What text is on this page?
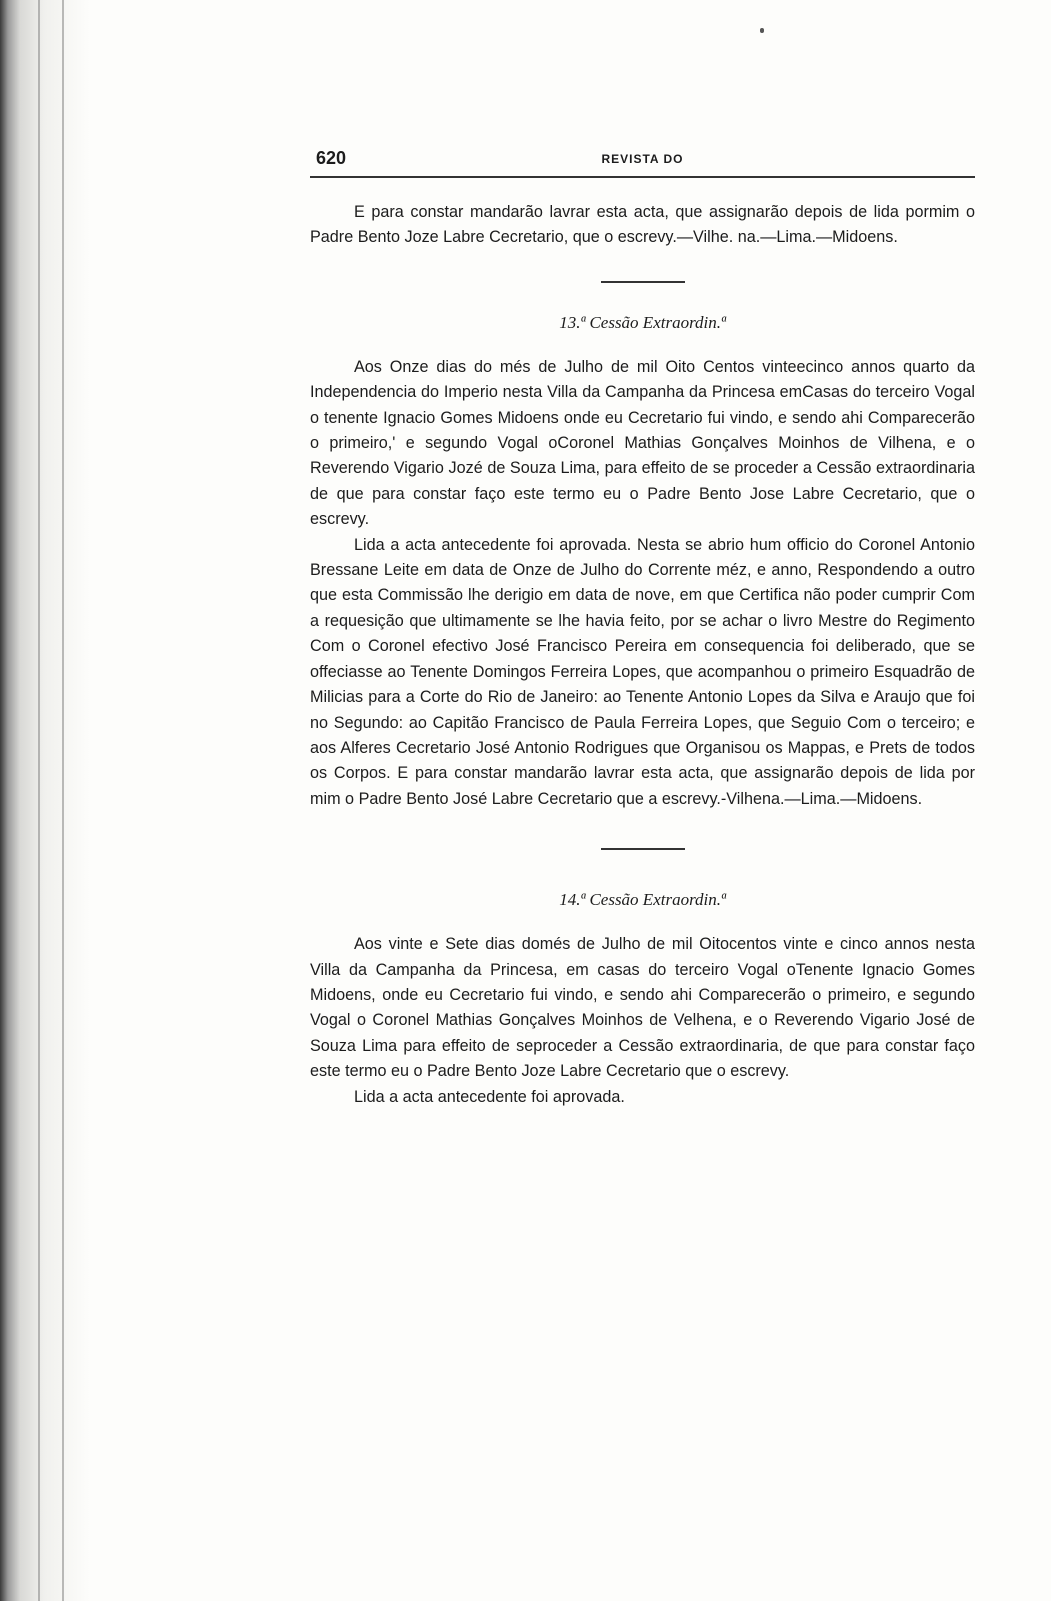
620	REVISTA DO

E para constar mandarão lavrar esta acta, que assignarão depois de lida pormim o Padre Bento Joze Labre Cecretario, que o escrevy.—Vilhe. na.—Lima.—Midoens.

13.ª Cessão Extraordin.ª

Aos Onze dias do més de Julho de mil Oito Centos vinteecinco annos quarto da Independencia do Imperio nesta Villa da Campanha da Princesa emCasas do terceiro Vogal o tenente Ignacio Gomes Midoens onde eu Cecretario fui vindo, e sendo ahi Comparecerão o primeiro,' e segundo Vogal oCoronel Mathias Gonçalves Moinhos de Vilhena, e o Reverendo Vigario Jozé de Souza Lima, para effeito de se proceder a Cessão extraordinaria de que para constar faço este termo eu o Padre Bento Jose Labre Cecretario, que o escrevy.

Lida a acta antecedente foi aprovada. Nesta se abrio hum officio do Coronel Antonio Bressane Leite em data de Onze de Julho do Corrente méz, e anno, Respondendo a outro que esta Commissão lhe derigio em data de nove, em que Certifica não poder cumprir Com a requesição que ultimamente se lhe havia feito, por se achar o livro Mestre do Regimento Com o Coronel efectivo José Francisco Pereira em consequencia foi deliberado, que se offeciasse ao Tenente Domingos Ferreira Lopes, que acompanhou o primeiro Esquadrão de Milicias para a Corte do Rio de Janeiro: ao Tenente Antonio Lopes da Silva e Araujo que foi no Segundo: ao Capitão Francisco de Paula Ferreira Lopes, que Seguio Com o terceiro; e aos Alferes Cecretario José Antonio Rodrigues que Organisou os Mappas, e Prets de todos os Corpos. E para constar mandarão lavrar esta acta, que assignarão depois de lida por mim o Padre Bento José Labre Cecretario que a escrevy.-Vilhena.—Lima.—Midoens.

14.ª Cessão Extraordin.ª

Aos vinte e Sete dias domés de Julho de mil Oitocentos vinte e cinco annos nesta Villa da Campanha da Princesa, em casas do terceiro Vogal oTenente Ignacio Gomes Midoens, onde eu Cecretario fui vindo, e sendo ahi Comparecerão o primeiro, e segundo Vogal o Coronel Mathias Gonçalves Moinhos de Velhena, e o Reverendo Vigario José de Souza Lima para effeito de seproceder a Cessão extraordinaria, de que para constar faço este termo eu o Padre Bento Joze Labre Cecretario que o escrevy.

Lida a acta antecedente foi aprovada.
